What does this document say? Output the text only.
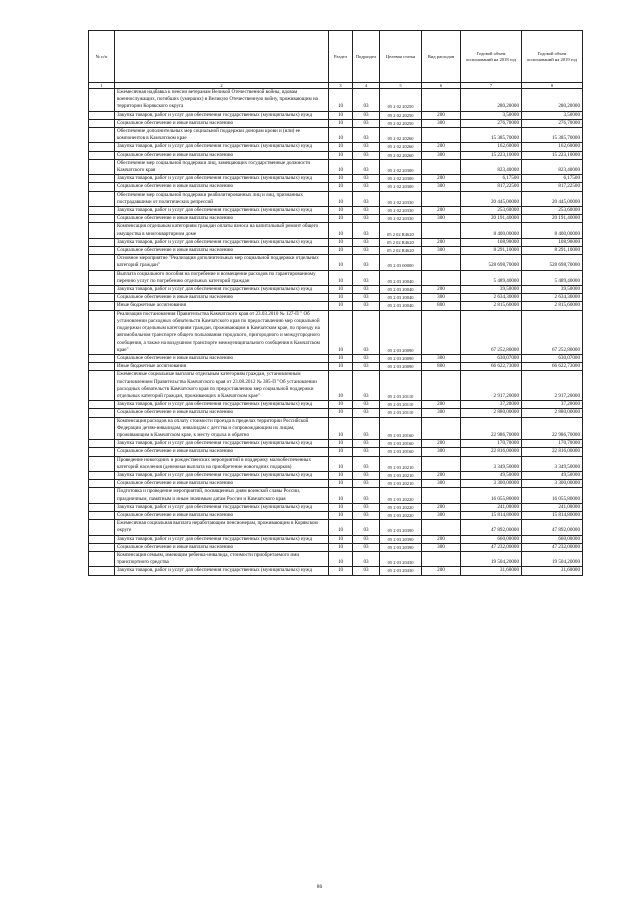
№ п/п		Раздел	Подраздел	Целевая статья	Вид расходов	Годовой объем ассигнований на 2018 год	Годовой объем ассигнований на 2019 год
1	2	3	4	5	6	7	8
	Ежемесячная надбавка к пенсии ветеранам Великой Отечественной войны, вдовам военнослужащих, погибших (умерших) в Великую Отечественную войну, проживающим на территории Корякского округа	10	03	05 2 02 20250		280,20000	280,20000
	Закупка товаров, работ и услуг для обеспечения государственных (муниципальных) нужд	10	03	05 2 02 20250	200	3,50000	3,50000
	Социальное обеспечение и иные выплаты населению	10	03	05 2 02 20250	300	276,70000	276,70000
	Обеспечение дополнительных мер социальной поддержки донорам крови и (или) ее компонентов в Камчатском крае	10	03	05 2 02 20260		15 385,70000	15 385,70000
	Закупка товаров, работ и услуг для обеспечения государственных (муниципальных) нужд	10	03	05 2 02 20260	200	162,60000	162,60000
	Социальное обеспечение и иные выплаты населению	10	03	05 2 02 20260	300	15 223,10000	15 223,10000
	Обеспечение мер социальной поддержки лиц, замещающих государственные должности Камчатского края	10	03	05 2 02 20300		823,40000	823,40000
	Закупка товаров, работ и услуг для обеспечения государственных (муниципальных) нужд	10	03	05 2 02 20300	200	6,17500	6,17500
	Социальное обеспечение и иные выплаты населению	10	03	05 2 02 20300	300	817,22500	817,22500
	Обеспечение мер социальной поддержки реабилитированных лиц и лиц, признанных пострадавшими от политических репрессий	10	03	05 2 02 20330		20 445,00000	20 445,00000
	Закупка товаров, работ и услуг для обеспечения государственных (муниципальных) нужд	10	03	05 2 02 20330	200	253,60000	253,60000
	Социальное обеспечение и иные выплаты населению	10	03	05 2 02 20330	300	20 191,40000	20 191,40000
	Компенсация отдельным категориям граждан оплаты взноса на капитальный ремонт общего имущества в многоквартирном доме	10	03	05 2 02 R4620		8 400,00000	8 400,00000
	Закупка товаров, работ и услуг для обеспечения государственных (муниципальных) нужд	10	03	05 2 02 R4620	200	108,90000	108,90000
	Социальное обеспечение и иные выплаты населению	10	03	05 2 02 R4620	300	8 291,10000	8 291,10000
	Основное мероприятие "Реализация дополнительных мер социальной поддержки отдельных категорий граждан"	10	03	05 2 03 00000		528 698,70000	528 698,70000
	Выплата социального пособия на погребение и возмещение расходов по гарантированному перечню услуг по погребению отдельных категорий граждан	10	03	05 2 03 20040		5 489,40000	5 489,40000
	Закупка товаров, работ и услуг для обеспечения государственных (муниципальных) нужд	10	03	05 2 03 20040	200	39,50000	39,50000
	Социальное обеспечение и иные выплаты населению	10	03	05 2 03 20040	300	2 634,30000	2 634,30000
	Иные бюджетные ассигнования	10	03	05 2 03 20040	800	2 815,60000	2 815,60000
	Реализация постановления Правительства Камчатского края от 23.03.2010 № 127-П " Об установлении расходных обязательств Камчатского края по предоставлению мер социальной поддержки отдельным категориям граждан, проживающим в Камчатском крае, по проезду на автомобильном транспорте общего пользования городского, пригородного и междугородного сообщения, а также на воздушном транспорте межмуниципального сообщения в Камчатском крае"	10	03	05 2 03 20090		67 252,80000	67 252,80000
	Социальное обеспечение и иные выплаты населению	10	03	05 2 03 20090	300	630,07000	630,07000
	Иные бюджетные ассигнования	10	03	05 2 03 20090	800	66 622,73000	66 622,73000
	Ежемесячные социальные выплаты отдельным категориям граждан, установленным постановлением Правительства Камчатского края от 23.08.2012 № 385-П "Об установлении расходных обязательств Камчатского края по предоставлению мер социальной поддержки отдельных категорий граждан, проживающих в Камчатском крае"	10	03	05 2 03 20110		2 917,20000	2 917,20000
	Закупка товаров, работ и услуг для обеспечения государственных (муниципальных) нужд	10	03	05 2 03 20110	200	37,20000	37,20000
	Социальное обеспечение и иные выплаты населению	10	03	05 2 03 20110	300	2 880,00000	2 880,00000
	Компенсация расходов на оплату стоимости проезда в пределах территории Российской Федерации детям-инвалидам, инвалидам с детства и сопровождающим их лицам, проживающим в Камчатском крае, к месту отдыха и обратно	10	03	05 2 03 20160		22 986,70000	22 986,70000
	Закупка товаров, работ и услуг для обеспечения государственных (муниципальных) нужд	10	03	05 2 03 20160	200	170,70000	170,70000
	Социальное обеспечение и иные выплаты населению	10	03	05 2 03 20160	300	22 816,00000	22 816,00000
	Проведение новогодних и рождественских мероприятий в поддержку малообеспеченных категорий населения (денежная выплата на приобретение новогодних подарков)	10	03	05 2 03 20210		3 349,50000	3 349,50000
	Закупка товаров, работ и услуг для обеспечения государственных (муниципальных) нужд	10	03	05 2 03 20210	200	49,50000	49,50000
	Социальное обеспечение и иные выплаты населению	10	03	05 2 03 20210	300	3 300,00000	3 300,00000
	Подготовка и проведение мероприятий, посвященных дням воинской славы России, праздничным, памятным и иным значимым датам России и Камчатского края	10	03	05 2 03 20220		16 055,80000	16 055,80000
	Закупка товаров, работ и услуг для обеспечения государственных (муниципальных) нужд	10	03	05 2 03 20220	200	241,00000	241,00000
	Социальное обеспечение и иные выплаты населению	10	03	05 2 03 20220	300	15 814,80000	15 814,80000
	Ежемесячная социальная выплата неработающим пенсионерам, проживающим в Корякском округе	10	03	05 2 03 20390		47 892,00000	47 892,00000
	Закупка товаров, работ и услуг для обеспечения государственных (муниципальных) нужд	10	03	05 2 03 20390	200	660,00000	660,00000
	Социальное обеспечение и иные выплаты населению	10	03	05 2 03 20390	300	47 232,00000	47 232,00000
	Компенсация семьям, имеющим ребенка-инвалида, стоимости приобретаемого ими транспортного средства	10	03	05 2 03 20430		19 504,20000	19 504,20000
	Закупка товаров, работ и услуг для обеспечения государственных (муниципальных) нужд	10	03	05 2 03 20430	200	31,60000	31,60000
86
